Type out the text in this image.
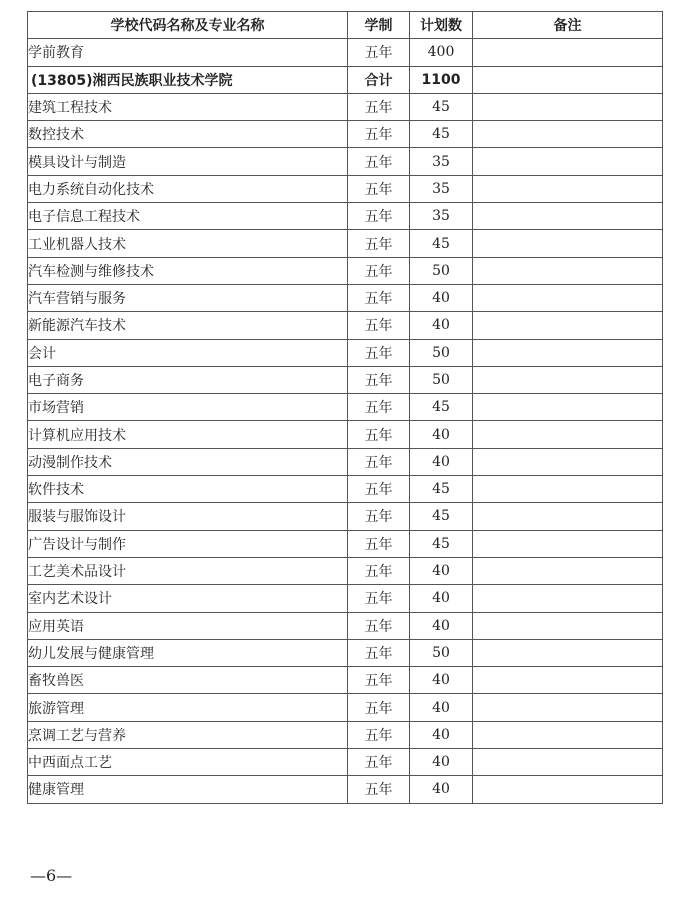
学校代码名称及专业名称	学制	计划数	备注
学前教育	五年	400	
(13805)湘西民族职业技术学院	合计	1100	
建筑工程技术	五年	45	
数控技术	五年	45	
模具设计与制造	五年	35	
电力系统自动化技术	五年	35	
电子信息工程技术	五年	35	
工业机器人技术	五年	45	
汽车检测与维修技术	五年	50	
汽车营销与服务	五年	40	
新能源汽车技术	五年	40	
会计	五年	50	
电子商务	五年	50	
市场营销	五年	45	
计算机应用技术	五年	40	
动漫制作技术	五年	40	
软件技术	五年	45	
服装与服饰设计	五年	45	
广告设计与制作	五年	45	
工艺美术品设计	五年	40	
室内艺术设计	五年	40	
应用英语	五年	40	
幼儿发展与健康管理	五年	50	
畜牧兽医	五年	40	
旅游管理	五年	40	
烹调工艺与营养	五年	40	
中西面点工艺	五年	40	
健康管理	五年	40	
—6—
